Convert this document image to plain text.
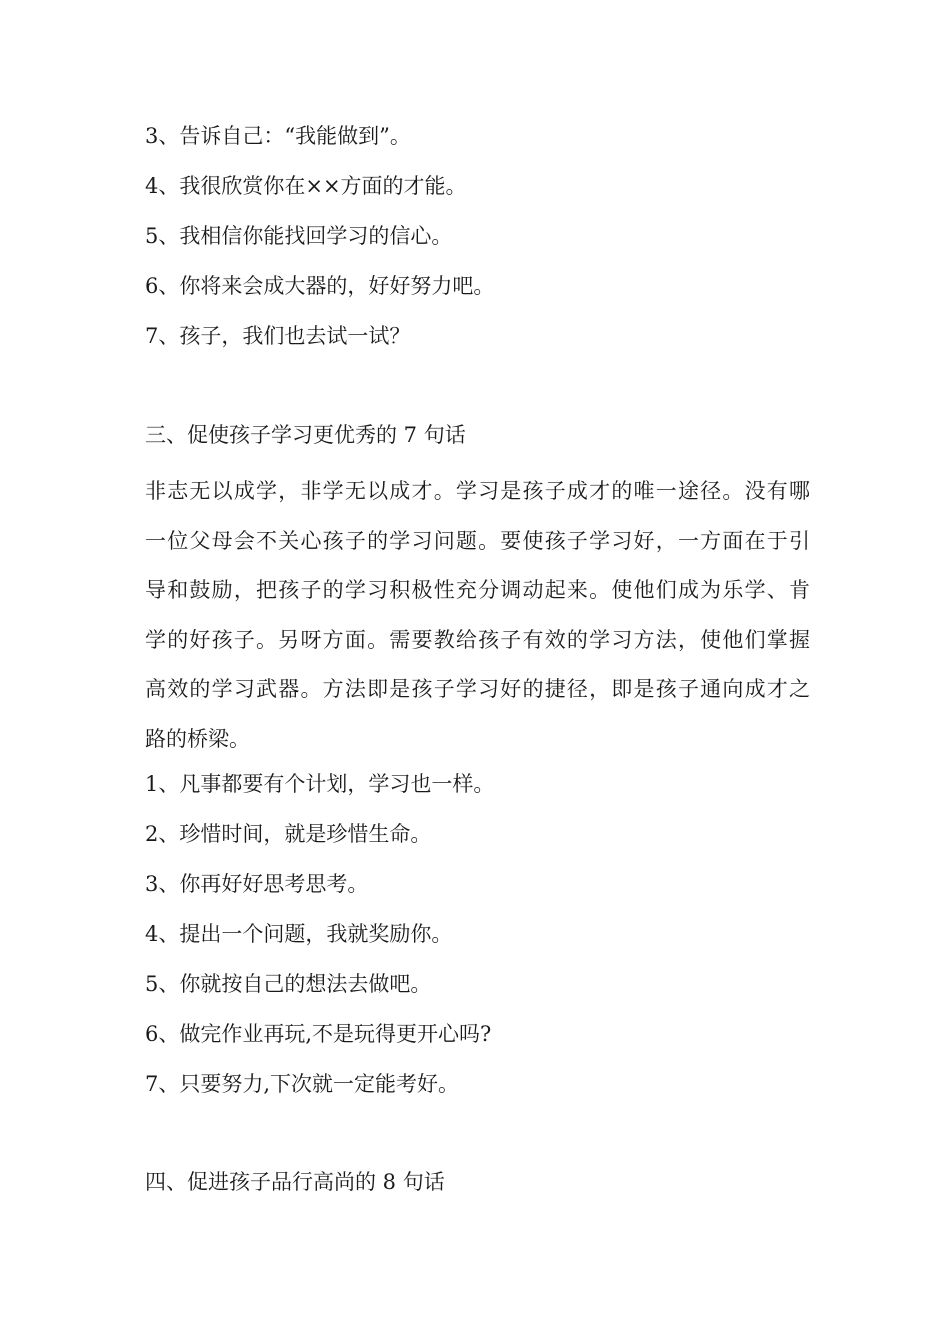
3、告诉自己：“我能做到”。
4、我很欣赏你在××方面的才能。
5、我相信你能找回学习的信心。
6、你将来会成大器的，好好努力吧。
7、孩子，我们也去试一试？
三、促使孩子学习更优秀的 7 句话
非志无以成学，非学无以成才。学习是孩子成才的唯一途径。没有哪
一位父母会不关心孩子的学习问题。要使孩子学习好，一方面在于引
导和鼓励，把孩子的学习积极性充分调动起来。使他们成为乐学、肯
学的好孩子。另呀方面。需要教给孩子有效的学习方法，使他们掌握
高效的学习武器。方法即是孩子学习好的捷径，即是孩子通向成才之
路的桥梁。
1、凡事都要有个计划，学习也一样。
2、珍惜时间，就是珍惜生命。
3、你再好好思考思考。
4、提出一个问题，我就奖励你。
5、你就按自己的想法去做吧。
6、做完作业再玩,不是玩得更开心吗?
7、只要努力,下次就一定能考好。
四、促进孩子品行高尚的 8 句话
